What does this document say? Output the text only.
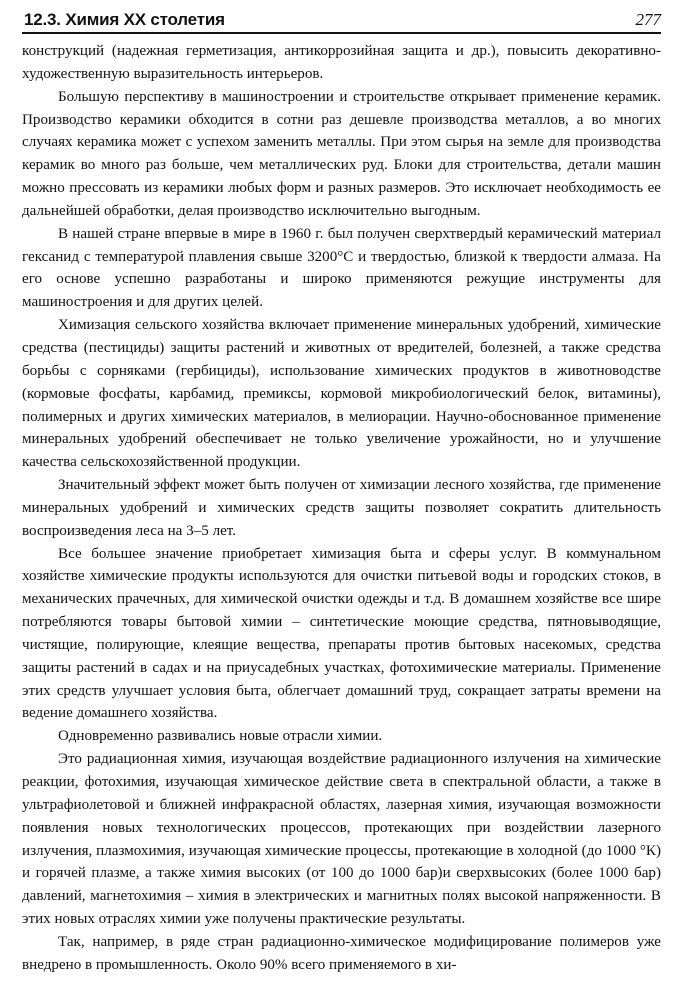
12.3. Химия XX столетия	277

конструкций (надежная герметизация, антикоррозийная защита и др.), повысить декоративно-художественную выразительность интерьеров.

Большую перспективу в машиностроении и строительстве открывает применение керамик. Производство керамики обходится в сотни раз дешевле производства металлов, а во многих случаях керамика может с успехом заменить металлы. При этом сырья на земле для производства керамик во много раз больше, чем металлических руд. Блоки для строительства, детали машин можно прессовать из керамики любых форм и разных размеров. Это исключает необходимость ее дальнейшей обработки, делая производство исключительно выгодным.

В нашей стране впервые в мире в 1960 г. был получен сверхтвердый керамический материал гексанид с температурой плавления свыше 3200°С и твердостью, близкой к твердости алмаза. На его основе успешно разработаны и широко применяются режущие инструменты для машиностроения и для других целей.

Химизация сельского хозяйства включает применение минеральных удобрений, химические средства (пестициды) защиты растений и животных от вредителей, болезней, а также средства борьбы с сорняками (гербициды), использование химических продуктов в животноводстве (кормовые фосфаты, карбамид, премиксы, кормовой микробиологический белок, витамины), полимерных и других химических материалов, в мелиорации. Научно-обоснованное применение минеральных удобрений обеспечивает не только увеличение урожайности, но и улучшение качества сельскохозяйственной продукции.

Значительный эффект может быть получен от химизации лесного хозяйства, где применение минеральных удобрений и химических средств защиты позволяет сократить длительность воспроизведения леса на 3–5 лет.

Все большее значение приобретает химизация быта и сферы услуг. В коммунальном хозяйстве химические продукты используются для очистки питьевой воды и городских стоков, в механических прачечных, для химической очистки одежды и т.д. В домашнем хозяйстве все шире потребляются товары бытовой химии – синтетические моющие средства, пятновыводящие, чистящие, полирующие, клеящие вещества, препараты против бытовых насекомых, средства защиты растений в садах и на приусадебных участках, фотохимические материалы. Применение этих средств улучшает условия быта, облегчает домашний труд, сокращает затраты времени на ведение домашнего хозяйства.

Одновременно развивались новые отрасли химии.

Это радиационная химия, изучающая воздействие радиационного излучения на химические реакции, фотохимия, изучающая химическое действие света в спектральной области, а также в ультрафиолетовой и ближней инфракрасной областях, лазерная химия, изучающая возможности появления новых технологических процессов, протекающих при воздействии лазерного излучения, плазмохимия, изучающая химические процессы, протекающие в холодной (до 1000 °К) и горячей плазме, а также химия высоких (от 100 до 1000 бар)и сверхвысоких (более 1000 бар) давлений, магнетохимия – химия в электрических и магнитных полях высокой напряженности. В этих новых отраслях химии уже получены практические результаты.

Так, например, в ряде стран радиационно-химическое модифицирование полимеров уже внедрено в промышленность. Около 90% всего применяемого в хи-
